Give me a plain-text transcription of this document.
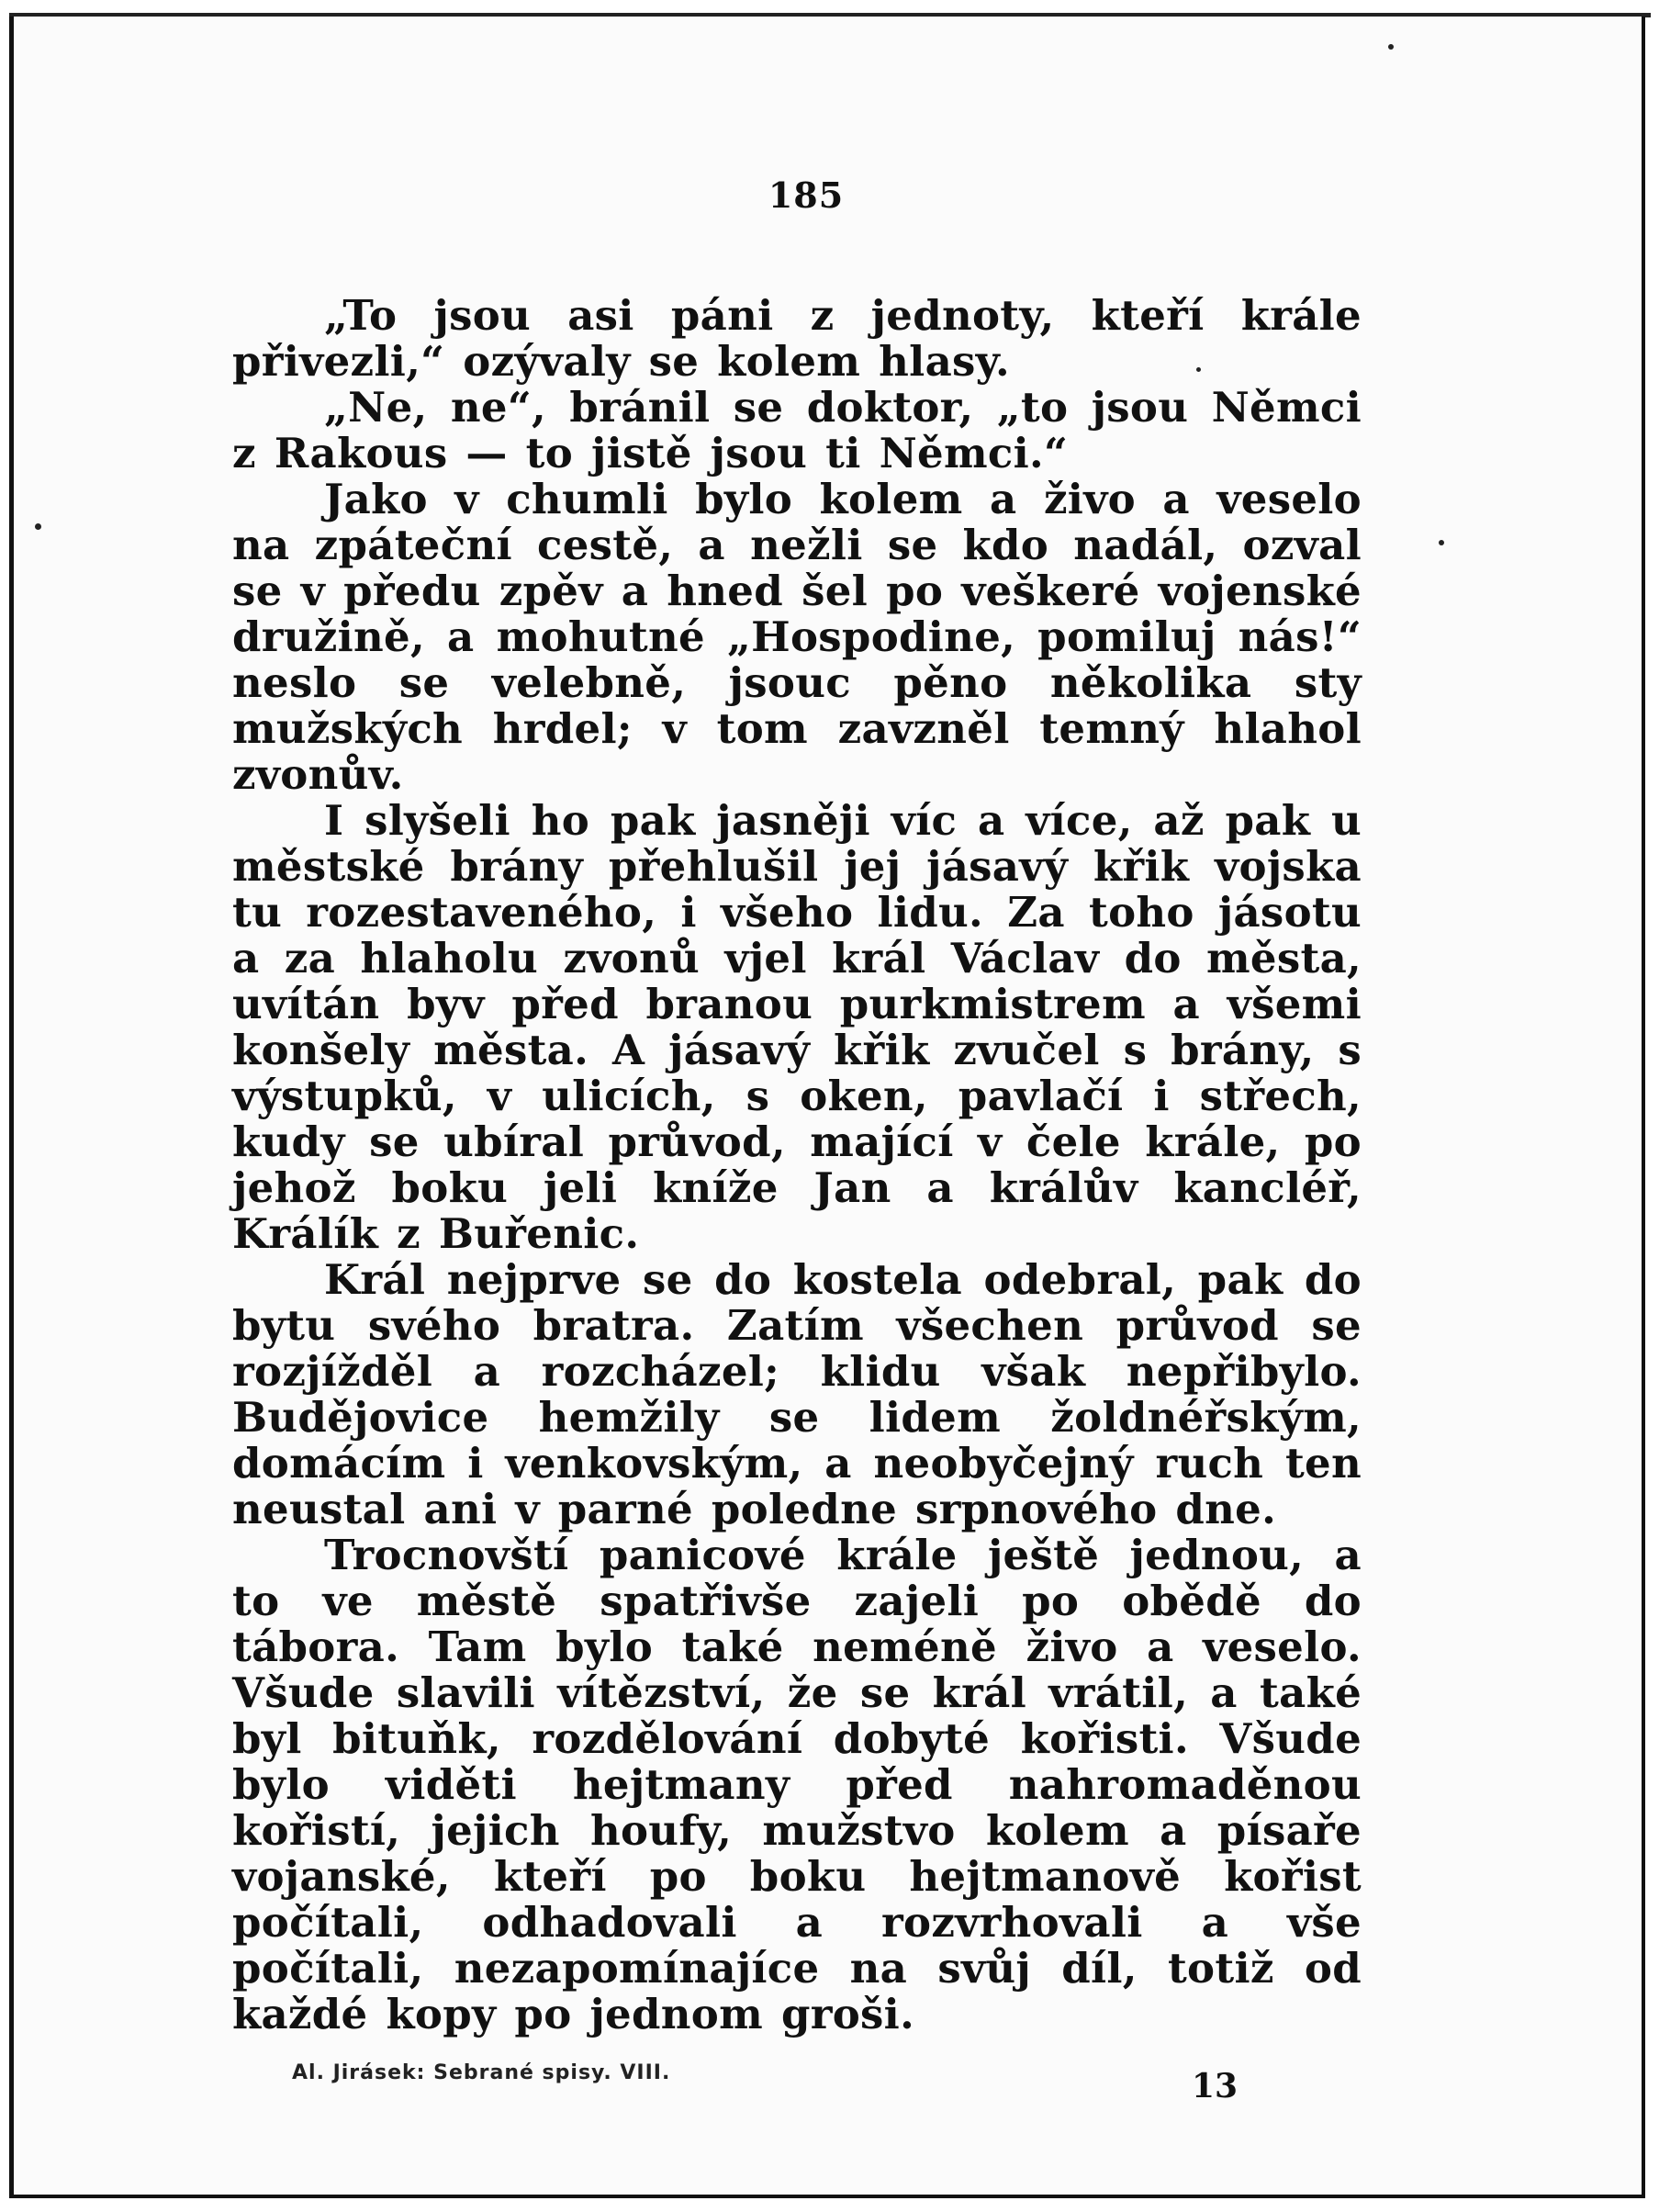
185

„To jsou asi páni z jednoty, kteří krále přivezli,“ ozývaly se kolem hlasy.

„Ne, ne“, bránil se doktor, „to jsou Němci z Rakous — to jistě jsou ti Němci.“

Jako v chumli bylo kolem a živo a veselo na zpáteční cestě, a nežli se kdo nadál, ozval se v předu zpěv a hned šel po veškeré vojenské družině, a mohutné „Hospodine, pomiluj nás!“ neslo se velebně, jsouc pěno několika sty mužských hrdel; v tom zavzněl temný hlahol zvonův.

I slyšeli ho pak jasněji víc a více, až pak u městské brány přehlušil jej jásavý křik vojska tu rozestaveného, i všeho lidu. Za toho jásotu a za hlaholu zvonů vjel král Václav do města, uvítán byv před branou purkmistrem a všemi konšely města. A jásavý křik zvučel s brány, s výstupků, v ulicích, s oken, pavlačí i střech, kudy se ubíral průvod, mající v čele krále, po jehož boku jeli kníže Jan a králův kancléř, Králík z Buřenic.

Král nejprve se do kostela odebral, pak do bytu svého bratra. Zatím všechen průvod se rozjížděl a rozcházel; klidu však nepřibylo. Budějovice hemžily se lidem žoldnéřským, domácím i venkovským, a neobyčejný ruch ten neustal ani v parné poledne srpnového dne.

Trocnovští panicové krále ještě jednou, a to ve městě spatřivše zajeli po obědě do tábora. Tam bylo také neméně živo a veselo. Všude slavili vítězství, že se král vrátil, a také byl bituňk, rozdělování dobyté kořisti. Všude bylo viděti hejtmany před nahromaděnou kořistí, jejich houfy, mužstvo kolem a písaře vojanské, kteří po boku hejtmanově kořist počítali, odhadovali a rozvrhovali a vše počítali, nezapomínajíce na svůj díl, totiž od každé kopy po jednom groši.

Al. Jirásek: Sebrané spisy. VIII.	13
